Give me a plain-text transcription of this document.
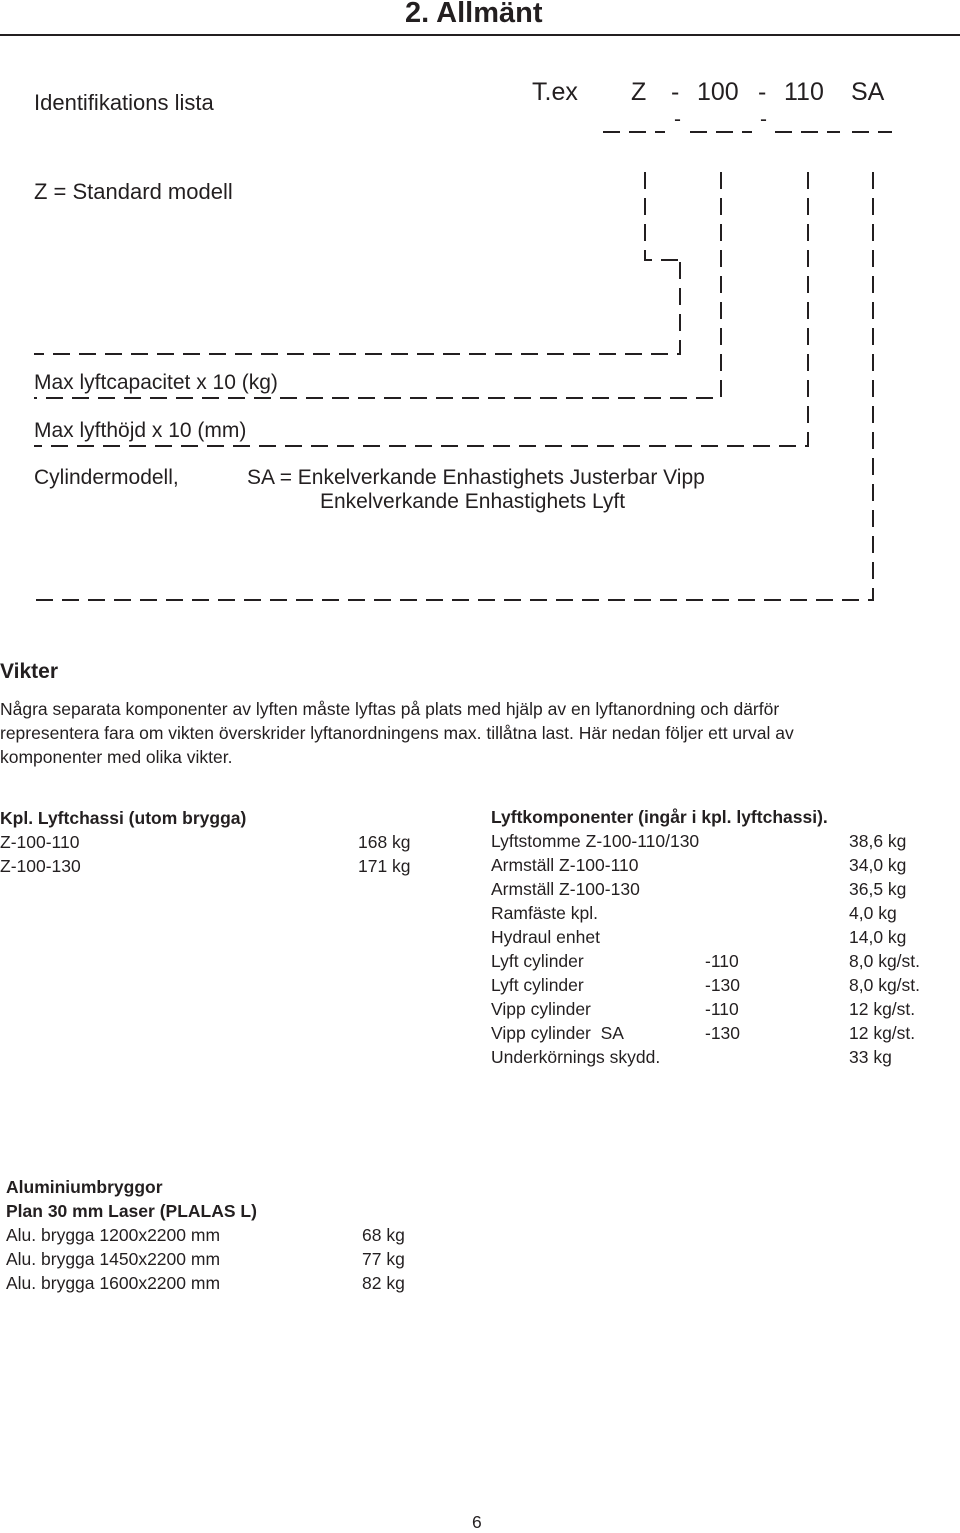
2. Allmänt
Identifikations lista	T.ex Z - 100 - 110 SA
-	-
Z = Standard modell
Max lyftcapacitet x 10 (kg)
Max lyfthöjd x 10 (mm)
Cylindermodell,	SA = Enkelverkande Enhastighets Justerbar Vipp
Enkelverkande Enhastighets Lyft
Vikter
Några separata komponenter av lyften måste lyftas på plats med hjälp av en lyftanordning och därför
representera fara om vikten överskrider lyftanordningens max. tillåtna last. Här nedan följer ett urval av
komponenter med olika vikter.
Kpl. Lyftchassi (utom brygga)
Z-100-110	168 kg
Z-100-130	171 kg
Lyftkomponenter (ingår i kpl. lyftchassi).
Lyftstomme Z-100-110/130	38,6 kg
Armställ Z-100-110	34,0 kg
Armställ Z-100-130	36,5 kg
Ramfäste kpl.	4,0 kg
Hydraul enhet	14,0 kg
Lyft cylinder	-110	8,0 kg/st.
Lyft cylinder	-130	8,0 kg/st.
Vipp cylinder	-110	12 kg/st.
Vipp cylinder  SA	-130	12 kg/st.
Underkörnings skydd.	33 kg
Aluminiumbryggor
Plan 30 mm Laser (PLALAS L)
Alu. brygga 1200x2200 mm	68 kg
Alu. brygga 1450x2200 mm	77 kg
Alu. brygga 1600x2200 mm	82 kg
6
